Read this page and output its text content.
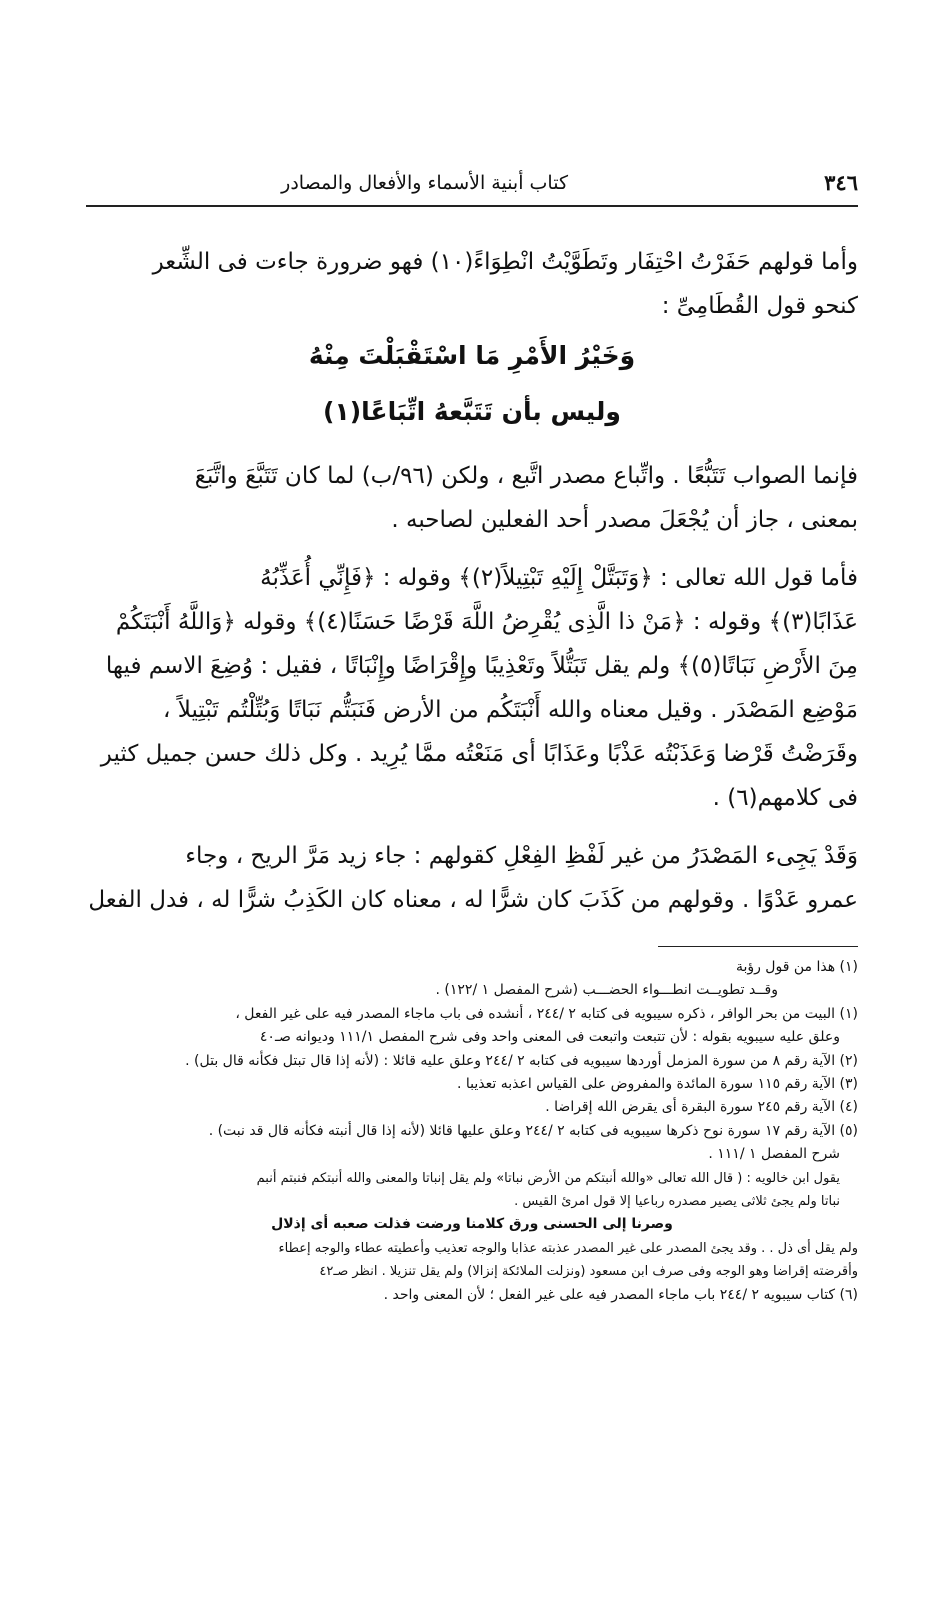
٣٤٦
كتاب أبنية الأسماء والأفعال والمصادر

وأما قولهم حَفَرْتُ احْتِفَار وتَطَوَّيْتُ انْطِوَاءً(١٠) فهو ضرورة جاءت فى الشِّعر

كنحو قول القُطَامِىِّ :

وَخَيْرُ الأَمْرِ مَا اسْتَقْبَلْتَ مِنْهُ
وليس بأن تَتَبَّعهُ اتِّبَاعًا(١)

فإنما الصواب تَتَبُّعًا . واتِّباع مصدر اتَّبع ، ولكن (٩٦/ب) لما كان تَتَبَّعَ واتَّبَعَ

بمعنى ، جاز أن يُجْعَلَ مصدر أحد الفعلين لصاحبه .

فأما قول الله تعالى : ﴿وَتَبَتَّلْ إِلَيْهِ تَبْتِيلاً(٢)﴾ وقوله : ﴿فَإِنِّي أُعَذِّبُهُ

عَذَابًا(٣)﴾ وقوله : ﴿مَنْ ذا الَّذِى يُقْرِضُ اللَّهَ قَرْضًا حَسَنًا(٤)﴾ وقوله ﴿وَاللَّهُ أَنْبَتَكُمْ

مِنَ الأَرْضِ نَبَاتًا(٥)﴾ ولم يقل تَبَتُّلاً وتَعْذِيبًا وإِقْرَاضًا وإِنْبَاتًا ، فقيل : وُضِعَ الاسم فيها

مَوْضِع المَصْدَر . وقيل معناه والله أَنْبَتَكُم من الأرض فَنَبَتُّم نَبَاتًا وَبُتِّلْتُم تَبْتِيلاً ،

وقَرَضْتُ قَرْضا وَعَذَبْتُه عَذْبًا وعَذَابًا أى مَنَعْتُه ممَّا يُرِيد . وكل ذلك حسن جميل كثير

فى كلامهم(٦) .

وَقَدْ يَجِىء المَصْدَرُ من غير لَفْظِ الفِعْلِ كقولهم : جاء زيد مَرَّ الريح ، وجاء

عمرو عَدْوًا . وقولهم من كَذَبَ كان شرًّا له ، معناه كان الكَذِبُ شرًّا له ، فدل الفعل

(١) هذا من قول رؤبة
وقــد تطويــت انطـــواء الحضـــب (شرح المفصل ١ /١٢٢) .
(١) البيت من بحر الوافر ، ذكره سيبويه فى كتابه ٢ /٢٤٤ ، أنشده فى باب ماجاء المصدر فيه على غير الفعل ،
وعلق عليه سيبويه بقوله : لأن تتبعت واتبعت فى المعنى واحد وفى شرح المفصل ١١١/١ وديوانه صـ٤٠
(٢) الآية رقم ٨ من سورة المزمل أوردها سيبويه فى كتابه ٢ /٢٤٤ وعلق عليه قائلا : (لأنه إذا قال تبتل فكأنه قال بتل) .
(٣) الآية رقم ١١٥ سورة المائدة والمفروض على القياس اعذبه تعذيبا .
(٤) الآية رقم ٢٤٥ سورة البقرة أى يقرض الله إقراضا .
(٥) الآية رقم ١٧ سورة نوح ذكرها سيبويه فى كتابه ٢ /٢٤٤ وعلق عليها قائلا (لأنه إذا قال أنبته فكأنه قال قد نبت) .
شرح المفصل ١ /١١١ .
يقول ابن خالويه : ( قال الله تعالى «والله أنبتكم من الأرض نباتا» ولم يقل إنباتا والمعنى والله أنبتكم فنبتم أنبم
نباتا ولم يجئ ثلاثى يصير مصدره رباعيا إلا قول امرئ القيس .
وصرنا إلى الحسنى ورق كلامنا ورضت فذلت صعبه أى إذلال
ولم يقل أى ذل . . وقد يجئ المصدر على غير المصدر عذبته عذابا والوجه تعذيب وأعطيته عطاء والوجه إعطاء
وأقرضته إقراضا وهو الوجه وفى صرف ابن مسعود (ونزلت الملائكة إنزالا) ولم يقل تنزيلا . انظر صـ٤٢
(٦) كتاب سيبويه ٢ /٢٤٤ باب ماجاء المصدر فيه على غير الفعل ؛ لأن المعنى واحد .
